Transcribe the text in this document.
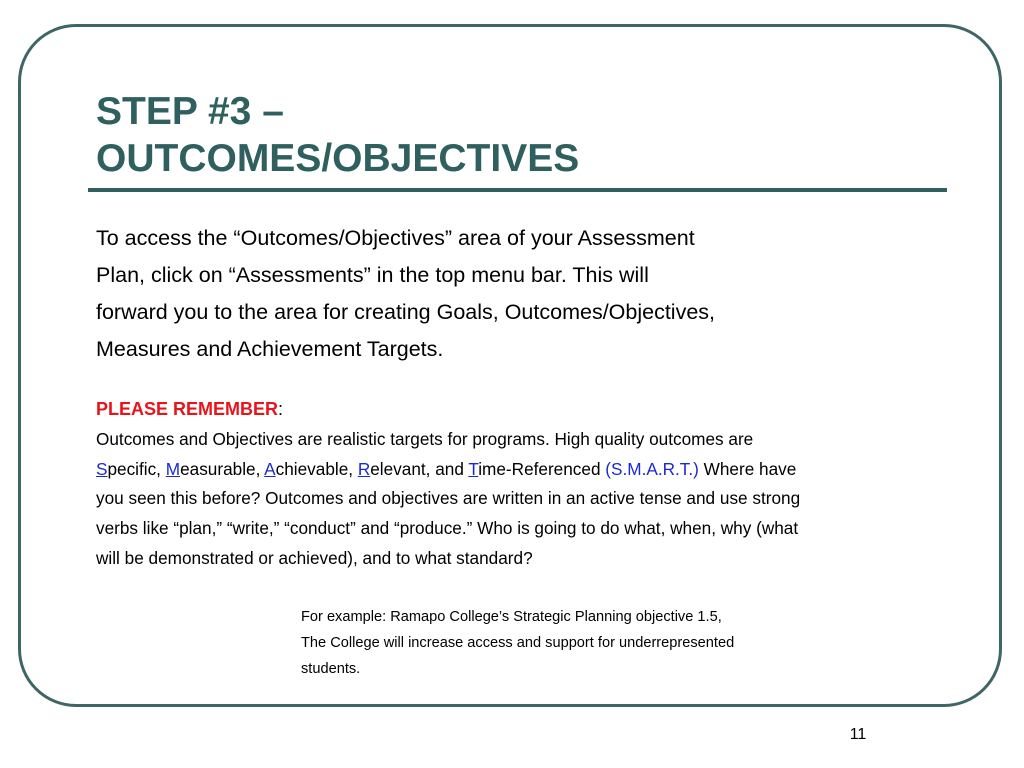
STEP #3 –
OUTCOMES/OBJECTIVES

To access the “Outcomes/Objectives” area of your Assessment
Plan, click on “Assessments” in the top menu bar. This will
forward you to the area for creating Goals, Outcomes/Objectives,
Measures and Achievement Targets.

PLEASE REMEMBER:

Outcomes and Objectives are realistic targets for programs. High quality outcomes are
Specific, Measurable, Achievable, Relevant, and Time-Referenced (S.M.A.R.T.) Where have
you seen this before? Outcomes and objectives are written in an active tense and use strong
verbs like “plan,” “write,” “conduct” and “produce.” Who is going to do what, when, why (what
will be demonstrated or achieved), and to what standard?

For example: Ramapo College’s Strategic Planning objective 1.5,
The College will increase access and support for underrepresented
students.

11
